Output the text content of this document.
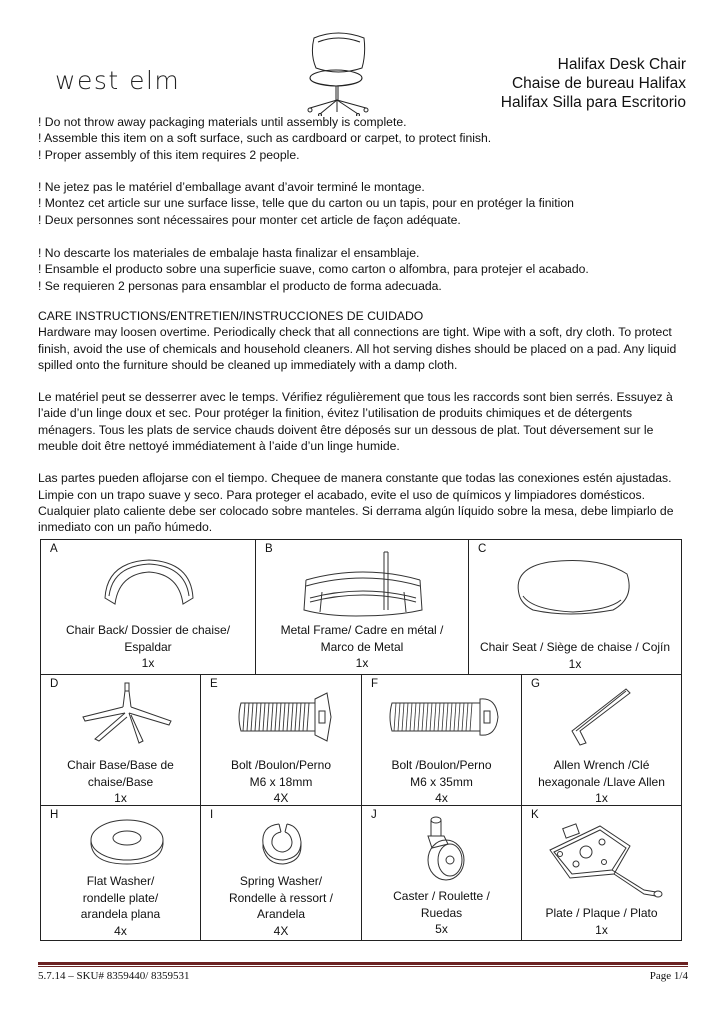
west elm
Halifax Desk Chair
Chaise de bureau Halifax
Halifax Silla para Escritorio
! Do not throw away packaging materials until assembly is complete.
! Assemble this item on a soft surface, such as cardboard or carpet, to protect finish.
! Proper assembly of this item requires 2 people.
! Ne jetez pas le matériel d’emballage avant d’avoir terminé le montage.
! Montez cet article sur une surface lisse, telle que du carton ou un tapis, pour en protéger la finition
! Deux personnes sont nécessaires pour monter cet article de façon adéquate.
! No descarte los materiales de embalaje hasta finalizar el ensamblaje.
! Ensamble el producto sobre una superficie suave, como carton o alfombra, para protejer el acabado.
! Se requieren 2 personas para ensamblar el producto de forma adecuada.

CARE INSTRUCTIONS/ENTRETIEN/INSTRUCCIONES DE CUIDADO

Hardware may loosen overtime. Periodically check that all connections are tight. Wipe with a soft, dry cloth. To protect finish, avoid the use of chemicals and household cleaners. All hot serving dishes should be placed on a pad. Any liquid spilled onto the furniture should be cleaned up immediately with a damp cloth.

Le matériel peut se desserrer avec le temps. Vérifiez régulièrement que tous les raccords sont bien serrés. Essuyez à l’aide d’un linge doux et sec. Pour protéger la finition, évitez l’utilisation de produits chimiques et de détergents ménagers. Tous les plats de service chauds doivent être déposés sur un dessous de plat. Tout déversement sur le meuble doit être nettoyé immédiatement à l’aide d’un linge humide.

Las partes pueden aflojarse con el tiempo. Chequee de manera constante que todas las conexiones estén ajustadas. Limpie con un trapo suave y seco. Para proteger el acabado, evite el uso de químicos y limpiadores domésticos. Cualquier plato caliente debe ser colocado sobre manteles. Si derrama algún líquido sobre la mesa, debe limpiarlo de inmediato con un paño húmedo.

A
Chair Back/ Dossier de chaise/
Espaldar
1x
B
Metal Frame/ Cadre en métal /
Marco de Metal
1x
C
Chair Seat / Siège de chaise / Cojín
1x
D
Chair Base/Base de
chaise/Base
1x
E
Bolt /Boulon/Perno
M6 x 18mm
4X
F
Bolt /Boulon/Perno
M6 x 35mm
4x
G
Allen Wrench /Clé
hexagonale /Llave Allen
1x
H
Flat Washer/
rondelle plate/
arandela plana
4x
I
Spring Washer/
Rondelle à ressort /
Arandela
4X
J
Caster / Roulette /
Ruedas
5x
K
Plate / Plaque / Plato
1x
5.7.14 – SKU# 8359440/ 8359531	Page 1/4
